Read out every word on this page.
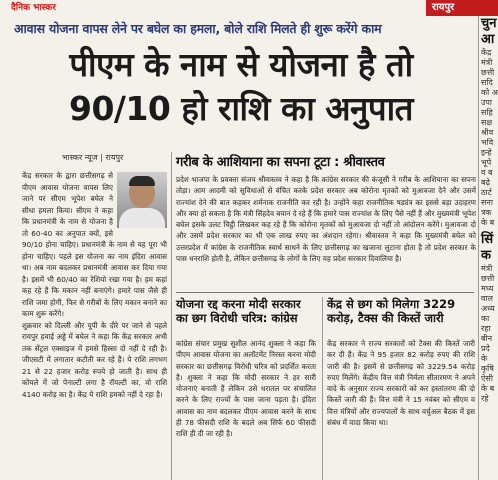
दैनिक भास्कर	रायपुर
आवास योजना वापस लेने पर बघेल का हमला, बोले राशि मिलते ही शुरू करेंगे काम
पीएम के नाम से योजना है तो
90/10 हो राशि का अनुपात
भास्कर न्यूज | रायपुर

केंद्र सरकार के द्वारा छत्तीसगढ़ से पीएम आवास योजना वापस लिए जाने पर सीएम भूपेश बघेल ने सीधा हमला किया। सीएम ने कहा कि प्रधानमंत्री के नाम से योजना है तो 60-40 का अनुपात क्यों, इसे 90/10 होना चाहिए। प्रधानमंत्री के नाम से यह पूरा भी होना चाहिए। पहले इस योजना का नाम इंदिरा आवास था। अब नाम बदलकर प्रधानमंत्री आवास कर दिया गया है। इसमें भी 60/40 का रेशियो रखा गया है। हम कहां कह रहे हैं कि मकान नहीं बनाएंगे। हमारे पास जैसे ही राशि जमा होगी, फिर से गरीबों के लिए मकान बनाने का काम शुरू करेंगे।

शुक्रवार को दिल्ली और यूपी के दौरे पर जाने से पहले रायपुर हवाई अड्डे में बघेल ने कहा कि केंद्र सरकार अभी तक सेंट्रल एक्साइज में हमसे हिस्सा दो नहीं दे रही है। जीएसटी में लगातार कटौती कर रहे हैं। ये राशि लगभग 21 से 22 हजार करोड़ रुपये हो जाती है। साथ ही कोयले में जो पेनाल्टी लगा है रॉयल्टी का, वो राशि 4140 करोड़ का है। केंद्र ये राशि हमको नहीं दे रहा है।

गरीब के आशियाना का सपना टूटा : श्रीवास्तव
प्रदेश भाजपा के प्रवक्ता संजय श्रीवास्तव ने कहा है कि कांग्रेस सरकार की कंजूसी ने गरीब के आशियाना का सपना तोड़ा। आम आदमी को सुविधाओं से वंचित करके प्रदेश सरकार अब कोरोना मृतकों को मुआवजा देने और उसमें राज्यांश देने की बात कहकर शर्मनाक राजनीति कर रही है। उन्होंने कहा राजनीतिक षड्यंत्र का इससे बड़ा उदाहरण और क्या हो सकता है कि मंत्री सिंहदेव बयान दे रहे हैं कि हमारे पास राज्यांश के लिए पैसे नहीं हैं और मुख्यमंत्री भूपेश बघेल इसके उलट चिट्ठी लिखकर कह रहे हैं कि कोरोना मृतकों को मुआवजा दो नहीं तो आंदोलन करेंगे। मुआवजा दो और उसमें प्रदेश सरकार का भी एक लाख रुपए का अंशदान रहेगा। श्रीवास्तव ने कहा कि मुख्यमंत्री बघेल को उत्तरप्रदेश में कांग्रेस के राजनीतिक स्वार्थ साधने के लिए छत्तीसगढ़ का खजाना लुटाना होता है तो प्रदेश सरकार के पास धनराशि होती है, लेकिन छत्तीसगढ़ के लोगों के लिए यह प्रदेश सरकार दिवालिया है।
योजना रद्द करना मोदी सरकार का छग विरोधी चरित्र: कांग्रेस
कांग्रेस संचार प्रमुख सुशील आनंद शुक्ला ने कहा कि पीएम आवास योजना का अलॉटमेंट निरस्त करना मोदी सरकार का छत्तीसगढ़ विरोधी चरित्र को प्रदर्शित करता है। शुक्ला ने कहा कि मोदी सरकार ने हर सारी योजनाएं बनाती हैं लेकिन उसे धरातल पर संचालित करने के लिए राज्यों के पास जाना पड़ता है। इंदिरा आवास का नाम बदलकर पीएम आवास करने के साथ ही 78 फीसदी राशि के बदले अब सिर्फ 60 फीसदी राशि ही दी जा रही है।
केंद्र से छग को मिलेगा 3229 करोड़, टैक्स की किस्तें जारी
केंद्र सरकार ने राज्य सरकारों को टैक्स की किस्तें जारी कर दी हैं। केंद्र ने 95 हजार 82 करोड़ रुपए की राशि जारी की है। इसमें से छत्तीसगढ़ को 3229.54 करोड़ रुपए मिलेंगे। केंद्रीय वित्त मंत्री निर्मला सीतारमण ने अपने वादे के अनुसार राज्य सरकारों को कर हस्तांतरण की दो किस्तें जारी की हैं। वित्त मंत्री ने 15 नवंबर को सीएम व वित्त मंत्रियों और राज्यपालों के साथ वर्चुअल बैठक में इस संबंध में वादा किया था।
चुन
आ
केंद्र
मंत्री
छत्ती
सदि
को अ
उपा
सहि
सक्ष
श्रीव
भवि
इन्हे
भूपे
व ब
बढ़े
ठार्ट
सना
त्रक
के ब
सिं
क
मंत्री
छत्ती
मध्य
वाल
अध्य
का
रहा
बीन
प्रदे
के
कृषि
ऐसी
के ब
रहे
